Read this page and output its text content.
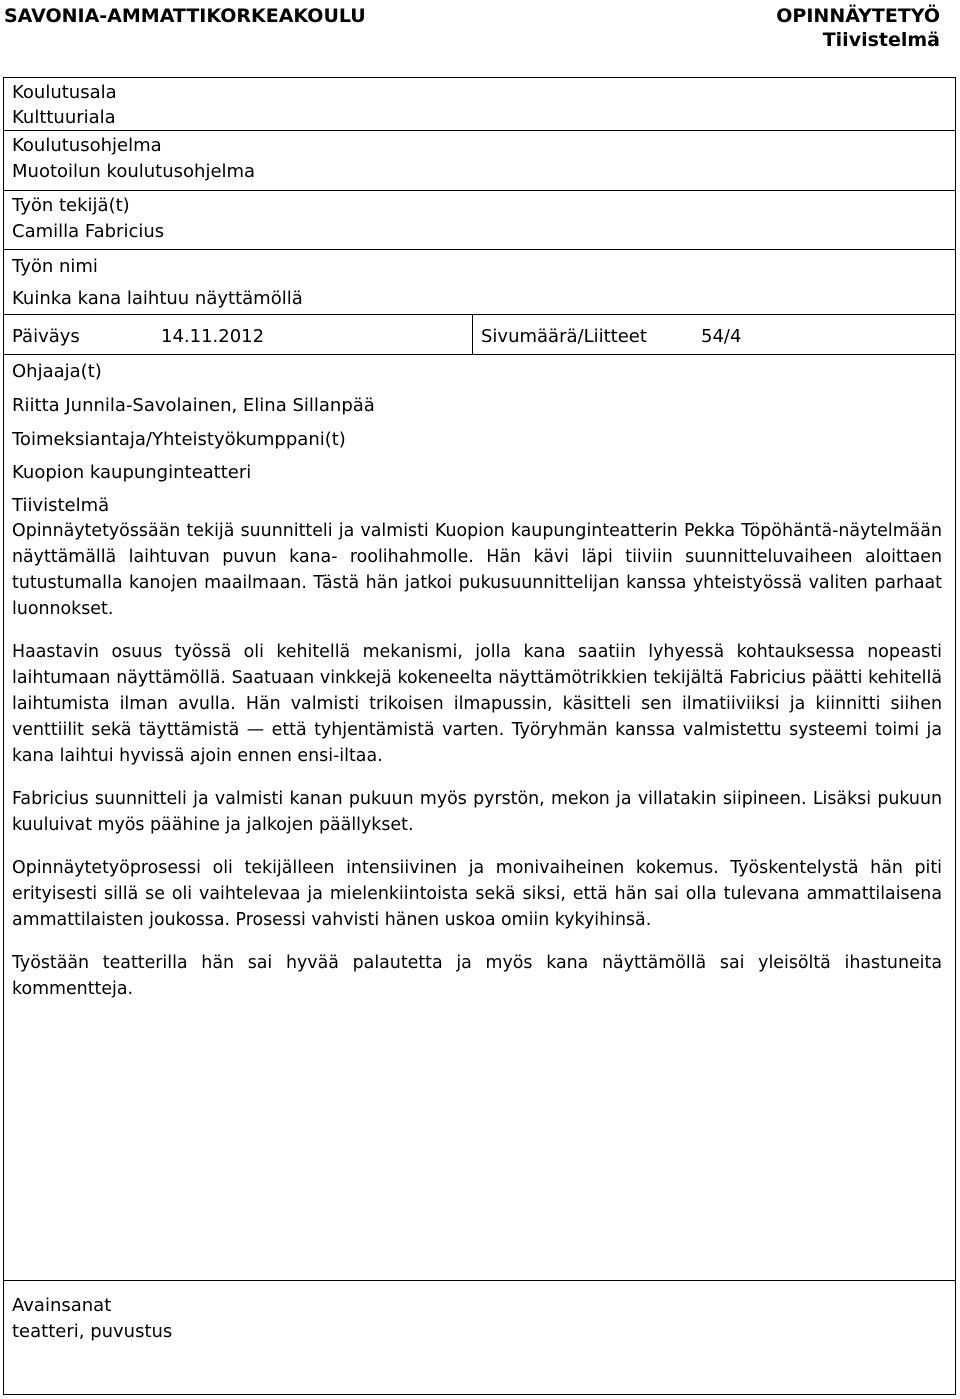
SAVONIA-AMMATTIKORKEAKOULU	OPINNÄYTETYÖ
Tiivistelmä
Koulutusala
Kulttuuriala
Koulutusohjelma
Muotoilun koulutusohjelma
Työn tekijä(t)
Camilla Fabricius
Työn nimi
Kuinka kana laihtuu näyttämöllä
Päiväys	14.11.2012	Sivumäärä/Liitteet	54/4
Ohjaaja(t)
Riitta Junnila-Savolainen, Elina Sillanpää
Toimeksiantaja/Yhteistyökumppani(t)
Kuopion kaupunginteatteri
Tiivistelmä

Opinnäytetyössään tekijä suunnitteli ja valmisti Kuopion kaupunginteatterin Pekka Töpöhäntä-näytelmään näyttämällä laihtuvan puvun kana- roolihahmolle. Hän kävi läpi tiiviin suunnitteluvaiheen aloittaen tutustumalla kanojen maailmaan. Tästä hän jatkoi pukusuunnittelijan kanssa yhteistyössä valiten parhaat luonnokset.

Haastavin osuus työssä oli kehitellä mekanismi, jolla kana saatiin lyhyessä kohtauksessa nopeasti laihtumaan näyttämöllä. Saatuaan vinkkejä kokeneelta näyttämötrikkien tekijältä Fabricius päätti kehitellä laihtumista ilman avulla. Hän valmisti trikoisen ilmapussin, käsitteli sen ilmatiiviiksi ja kiinnitti siihen venttiilit sekä täyttämistä — että tyhjentämistä varten. Työryhmän kanssa valmistettu systeemi toimi ja kana laihtui hyvissä ajoin ennen ensi-iltaa.

Fabricius suunnitteli ja valmisti kanan pukuun myös pyrstön, mekon ja villatakin siipineen. Lisäksi pukuun kuuluivat myös päähine ja jalkojen päällykset.

Opinnäytetyöprosessi oli tekijälleen intensiivinen ja monivaiheinen kokemus. Työskentelystä hän piti erityisesti sillä se oli vaihtelevaa ja mielenkiintoista sekä siksi, että hän sai olla tulevana ammattilaisena ammattilaisten joukossa. Prosessi vahvisti hänen uskoa omiin kykyihinsä.

Työstään teatterilla hän sai hyvää palautetta ja myös kana näyttämöllä sai yleisöltä ihastuneita kommentteja.

Avainsanat
teatteri, puvustus
